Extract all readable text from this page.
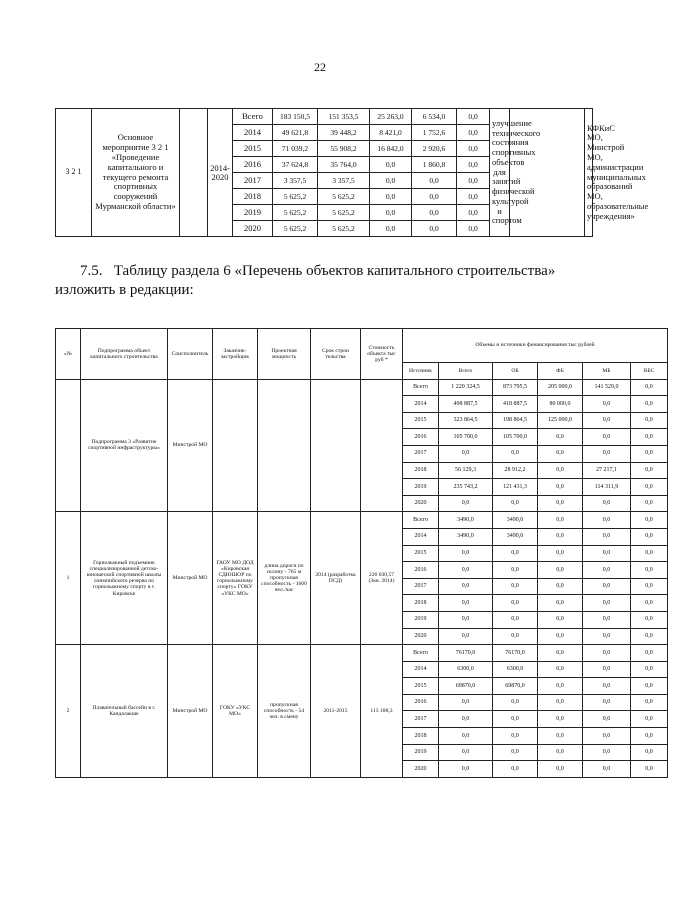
22
3 2 1	Основное мероприятие 3 2 1 «Проведение капитального и текущего ремонта спортивных сооружений Мурманской области»		2014-2020	Всего	183 150,5	151 353,5	25 263,0	6 534,0	0,0	улучшение технического состояния спортивных объектов для занятий физической культурой и спортом		КФКиС МО, Минстрой МО, администрации муниципальных образований МО, образовательные учреждения»
				2014	49 621,8	39 448,2	8 421,0	1 752,6	0,0			
				2015	71 039,2	55 908,2	16 842,0	2 920,6	0,0			
				2016	37 624,8	35 764,0	0,0	1 860,8	0,0			
				2017	3 357,5	3 357,5	0,0	0,0	0,0			
				2018	5 625,2	5 625,2	0,0	0,0	0,0			
				2019	5 625,2	5 625,2	0,0	0,0	0,0			
				2020	5 625,2	5 625,2	0,0	0,0	0,0			
7.5. Таблицу раздела 6 «Перечень объектов капитального строительства» изложить в редакции:
«№	Подпрограмма объект капитального строительства	Соисполнитель	Заказчик-застройщик	Проектная мощность	Срок строи тельства	Стоимость объекта тыс руб *	Объемы и источники финансирования тыс рублей					
							Источник	Всего	ОБ	ФБ	МБ	ВБС
	Подпрограмма 3 «Развитие спортивной инфраструктуры»	Минстрой МО					Всего	1 220 324,5	873 795,5	205 000,0	141 529,0	0,0
							2014	498 887,5	418 887,5	80 000,0	0,0	0,0
							2015	323 864,5	198 864,5	125 000,0	0,0	0,0
							2016	105 700,0	105 700,0	0,0	0,0	0,0
							2017	0,0	0,0	0,0	0,0	0,0
							2018	56 129,3	28 912,2	0,0	27 217,1	0,0
							2019	235 743,2	121 431,3	0,0	114 311,9	0,0
							2020	0,0	0,0	0,0	0,0	0,0
1	Горнолыжный подъемник специализированной детско-юношеской спортивной школы олимпийского резерва по горнолыжному спорту в г. Кировске	Минстрой МО	ГАОУ МО ДОД «Кировская СДЮШОР по горнолыжному спорту» ГОКУ «УКС МО»	длина дороги по склону - 765 м пропускная способность - 1600 чел./час	2014 (разработка ПСД)	226 030,57 (3кв. 2014)	Всего	3490,0	3490,0	0,0	0,0	0,0
							2014	3490,0	3490,0	0,0	0,0	0,0
							2015	0,0	0,0	0,0	0,0	0,0
							2016	0,0	0,0	0,0	0,0	0,0
							2017	0,0	0,0	0,0	0,0	0,0
							2018	0,0	0,0	0,0	0,0	0,0
							2019	0,0	0,0	0,0	0,0	0,0
							2020	0,0	0,0	0,0	0,0	0,0
2	Плавательный бассейн в г. Кандалакше	Минстрой МО	ГОКУ «УКС МО»	пропускная способность - 54 чел. в смену	2011-2015	113 188,3	Всего	76170,0	76170,0	0,0	0,0	0,0
							2014	6300,0	6300,0	0,0	0,0	0,0
							2015	69870,0	69870,0	0,0	0,0	0,0
							2016	0,0	0,0	0,0	0,0	0,0
							2017	0,0	0,0	0,0	0,0	0,0
							2018	0,0	0,0	0,0	0,0	0,0
							2019	0,0	0,0	0,0	0,0	0,0
							2020	0,0	0,0	0,0	0,0	0,0
